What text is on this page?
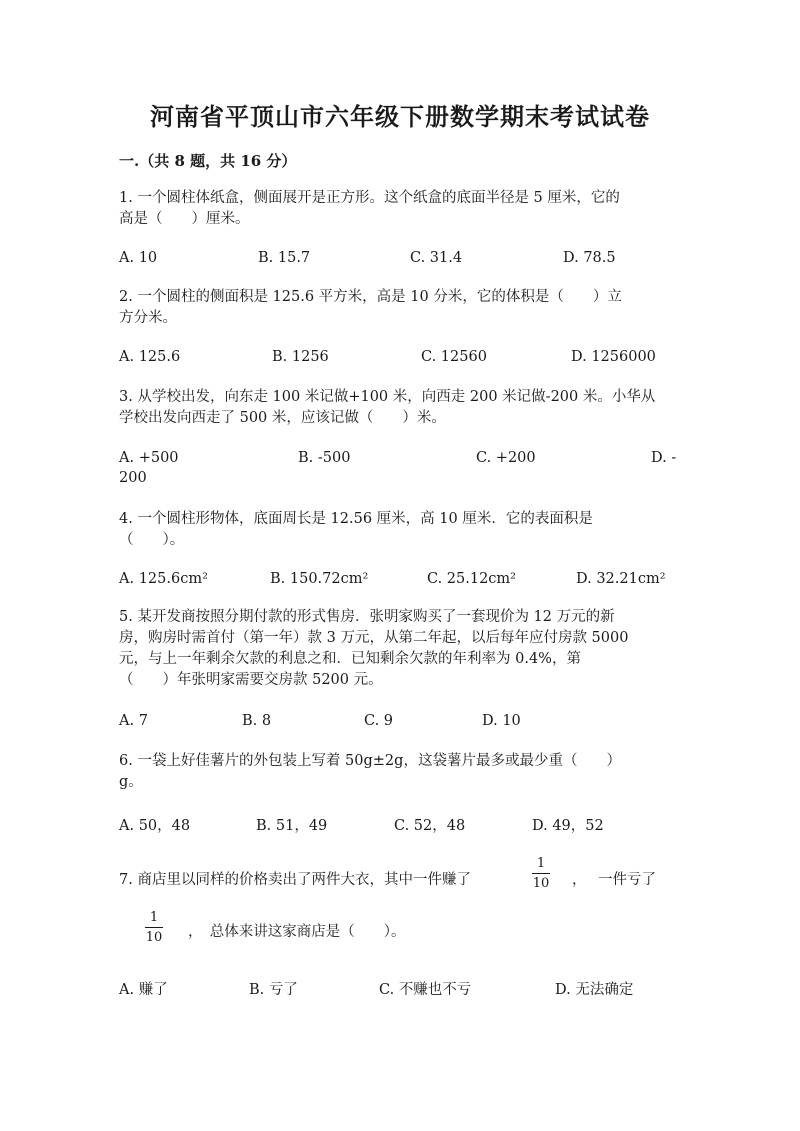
河南省平顶山市六年级下册数学期末考试试卷
一.（共 8 题，共 16 分）
1. 一个圆柱体纸盒，侧面展开是正方形。这个纸盒的底面半径是 5 厘米，它的
高是（　　）厘米。
A. 10	B. 15.7	C. 31.4	D. 78.5
2. 一个圆柱的侧面积是 125.6 平方米，高是 10 分米，它的体积是（　　）立
方分米。
A. 125.6	B. 1256	C. 12560	D. 1256000
3. 从学校出发，向东走 100 米记做+100 米，向西走 200 米记做-200 米。小华从
学校出发向西走了 500 米，应该记做（　　）米。
A. +500	B. -500	C. +200	D. -
200
4. 一个圆柱形物体，底面周长是 12.56 厘米，高 10 厘米．它的表面积是
（　　）。
A. 125.6cm²	B. 150.72cm²	C. 25.12cm²	D. 32.21cm²
5. 某开发商按照分期付款的形式售房．张明家购买了一套现价为 12 万元的新
房，购房时需首付（第一年）款 3 万元，从第二年起，以后每年应付房款 5000
元，与上一年剩余欠款的利息之和．已知剩余欠款的年利率为 0.4%，第
（　　）年张明家需要交房款 5200 元。
A. 7	B. 8	C. 9	D. 10
6. 一袋上好佳薯片的外包装上写着 50g±2g，这袋薯片最多或最少重（　　）
g。
A. 50，48	B. 51，49	C. 52，48	D. 49，52
7. 商店里以同样的价格卖出了两件大衣，其中一件赚了
1
10 ， 一件亏了
1
10 ，　总体来讲这家商店是（　　）。
A. 赚了	B. 亏了	C. 不赚也不亏	D. 无法确定
